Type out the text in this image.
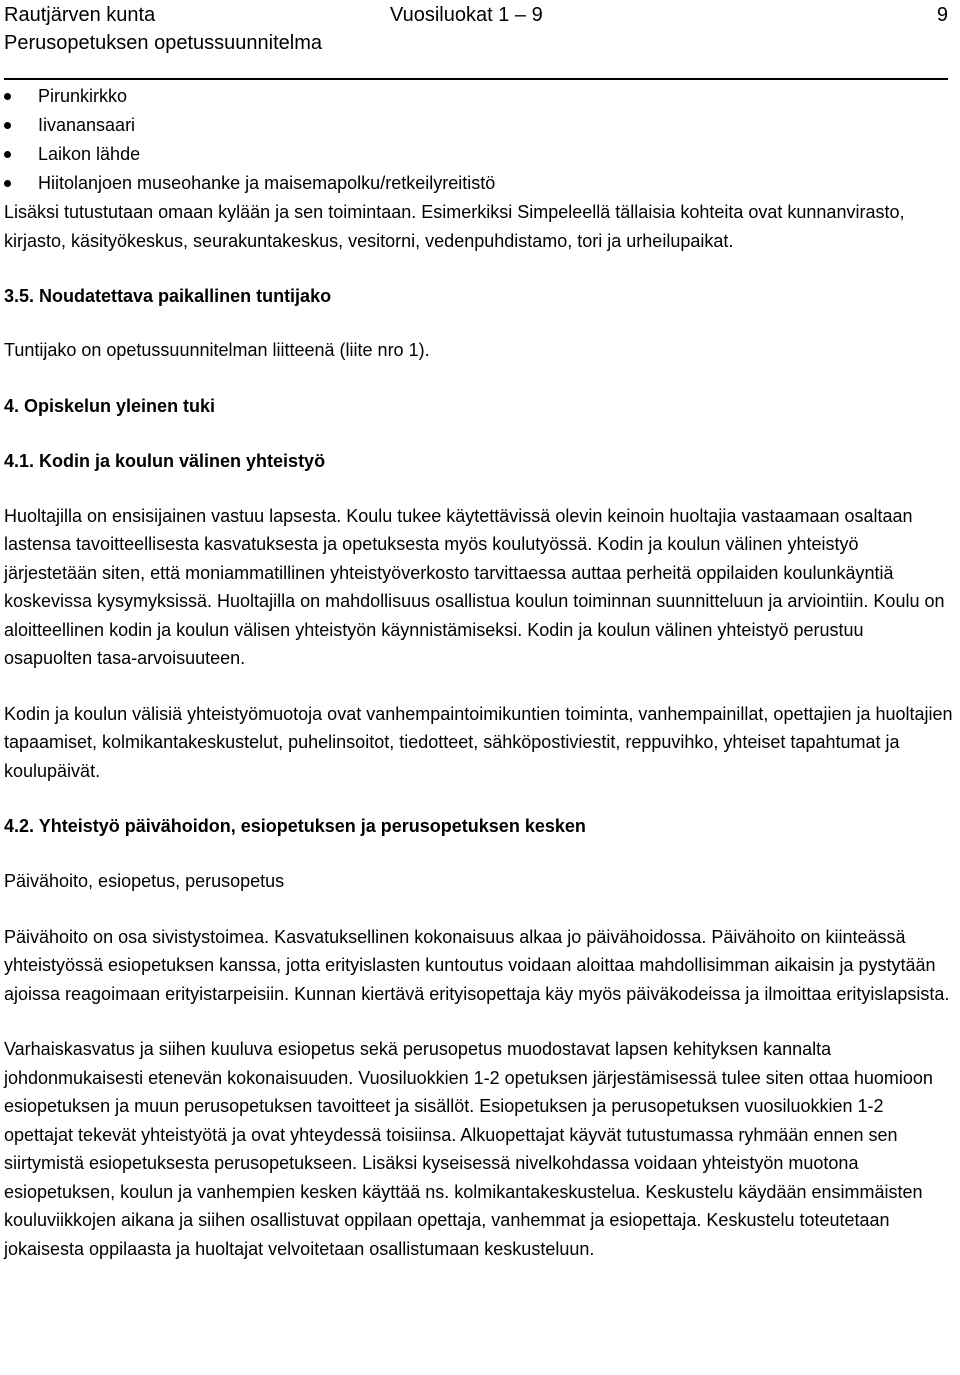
Rautjärven kunta
Perusopetuksen opetussuunnitelma
Vuosiluokat 1 – 9	9
Pirunkirkko
Iivanansaari
Laikon lähde
Hiitolanjoen museohanke ja maisemapolku/retkeilyreitistö

Lisäksi tutustutaan omaan kylään ja sen toimintaan. Esimerkiksi Simpeleellä tällaisia kohteita ovat kunnanvirasto, kirjasto, käsityökeskus, seurakuntakeskus, vesitorni, vedenpuhdistamo, tori ja urheilupaikat.

3.5. Noudatettava paikallinen tuntijako

Tuntijako on opetussuunnitelman liitteenä (liite nro 1).

4. Opiskelun yleinen tuki
4.1. Kodin ja koulun välinen yhteistyö

Huoltajilla on ensisijainen vastuu lapsesta. Koulu tukee käytettävissä olevin keinoin huoltajia vastaamaan osaltaan lastensa tavoitteellisesta kasvatuksesta ja opetuksesta myös koulutyössä. Kodin ja koulun välinen yhteistyö järjestetään siten, että moniammatillinen yhteistyöverkosto tarvittaessa auttaa perheitä oppilaiden koulunkäyntiä koskevissa kysymyksissä. Huoltajilla on mahdollisuus osallistua koulun toiminnan suunnitteluun ja arviointiin. Koulu on aloitteellinen kodin ja koulun välisen yhteistyön käynnistämiseksi. Kodin ja koulun välinen yhteistyö perustuu osapuolten tasa-arvoisuuteen.

Kodin ja koulun välisiä yhteistyömuotoja ovat vanhempaintoimikuntien toiminta, vanhempainillat, opettajien ja huoltajien tapaamiset, kolmikantakeskustelut, puhelinsoitot, tiedotteet, sähköpostiviestit, reppuvihko, yhteiset tapahtumat ja koulupäivät.

4.2. Yhteistyö päivähoidon, esiopetuksen ja perusopetuksen kesken

Päivähoito, esiopetus, perusopetus

Päivähoito on osa sivistystoimea. Kasvatuksellinen kokonaisuus alkaa jo päivähoidossa. Päivähoito on kiinteässä yhteistyössä esiopetuksen kanssa, jotta erityislasten kuntoutus voidaan aloittaa mahdollisimman aikaisin ja pystytään ajoissa reagoimaan erityistarpeisiin. Kunnan kiertävä erityisopettaja käy myös päiväkodeissa ja ilmoittaa erityislapsista.

Varhaiskasvatus ja siihen kuuluva esiopetus sekä perusopetus muodostavat lapsen kehityksen kannalta johdonmukaisesti etenevän kokonaisuuden. Vuosiluokkien 1-2 opetuksen järjestämisessä tulee siten ottaa huomioon esiopetuksen ja muun perusopetuksen tavoitteet ja sisällöt. Esiopetuksen ja perusopetuksen vuosiluokkien 1-2 opettajat tekevät yhteistyötä ja ovat yhteydessä toisiinsa. Alkuopettajat käyvät tutustumassa ryhmään ennen sen siirtymistä esiopetuksesta perusopetukseen. Lisäksi kyseisessä nivelkohdassa voidaan yhteistyön muotona esiopetuksen, koulun ja vanhempien kesken käyttää ns. kolmikantakeskustelua. Keskustelu käydään ensimmäisten kouluviikkojen aikana ja siihen osallistuvat oppilaan opettaja, vanhemmat ja esiopettaja. Keskustelu toteutetaan jokaisesta oppilaasta ja huoltajat velvoitetaan osallistumaan keskusteluun.
